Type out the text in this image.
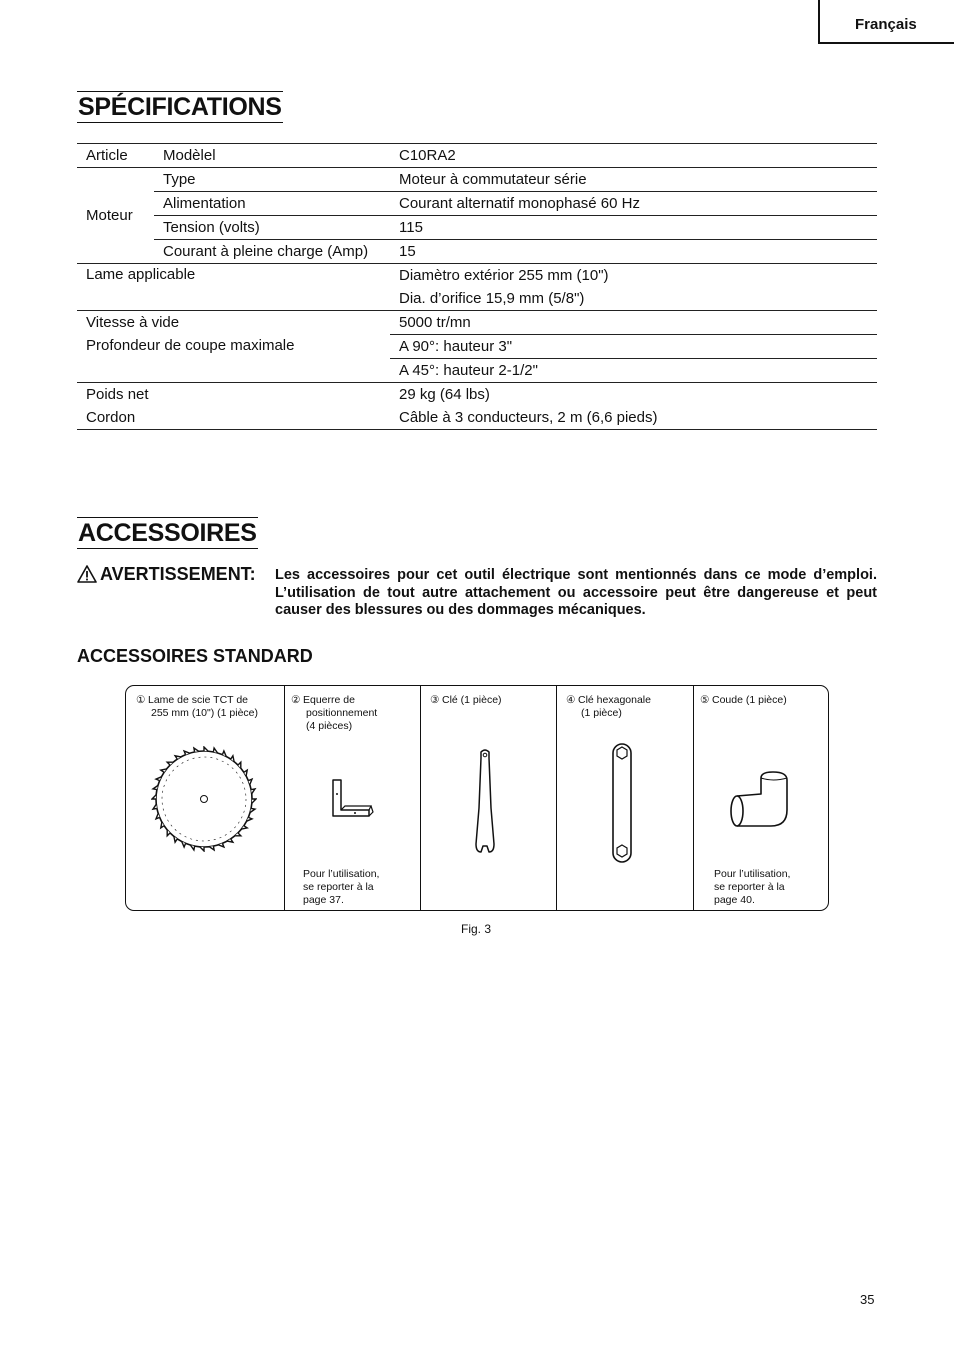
Français
SPÉCIFICATIONS
Article	Modèlel	C10RA2
Moteur	Type	Moteur à commutateur série
	Alimentation	Courant alternatif monophasé 60 Hz
	Tension (volts)	115
	Courant à pleine charge (Amp)	15
Lame applicable		Diamètro extérior 255 mm (10")
		Dia. d’orifice 15,9 mm (5/8")
Vitesse à vide		5000 tr/mn
Profondeur de coupe maximale		A 90°: hauteur 3"
		A 45°: hauteur 2-1/2"
Poids net		29 kg (64 lbs)
Cordon		Câble à 3 conducteurs, 2 m (6,6 pieds)
ACCESSOIRES
AVERTISSEMENT: Les accessoires pour cet outil électrique sont mentionnés dans ce mode d’emploi. L’utilisation de tout autre attachement ou accessoire peut être dangereuse et peut causer des blessures ou des dommages mécaniques.
ACCESSOIRES STANDARD
① Lame de scie TCT de
255 mm (10") (1 pièce)
② Equerre de
positionnement
(4 pièces)
Pour l’utilisation,
se reporter à la
page 37.
③ Clé (1 pièce)	④ Clé hexagonale
(1 pièce)
⑤ Coude (1 pièce)
Pour l’utilisation,
se reporter à la
page 40.
Fig. 3
35
